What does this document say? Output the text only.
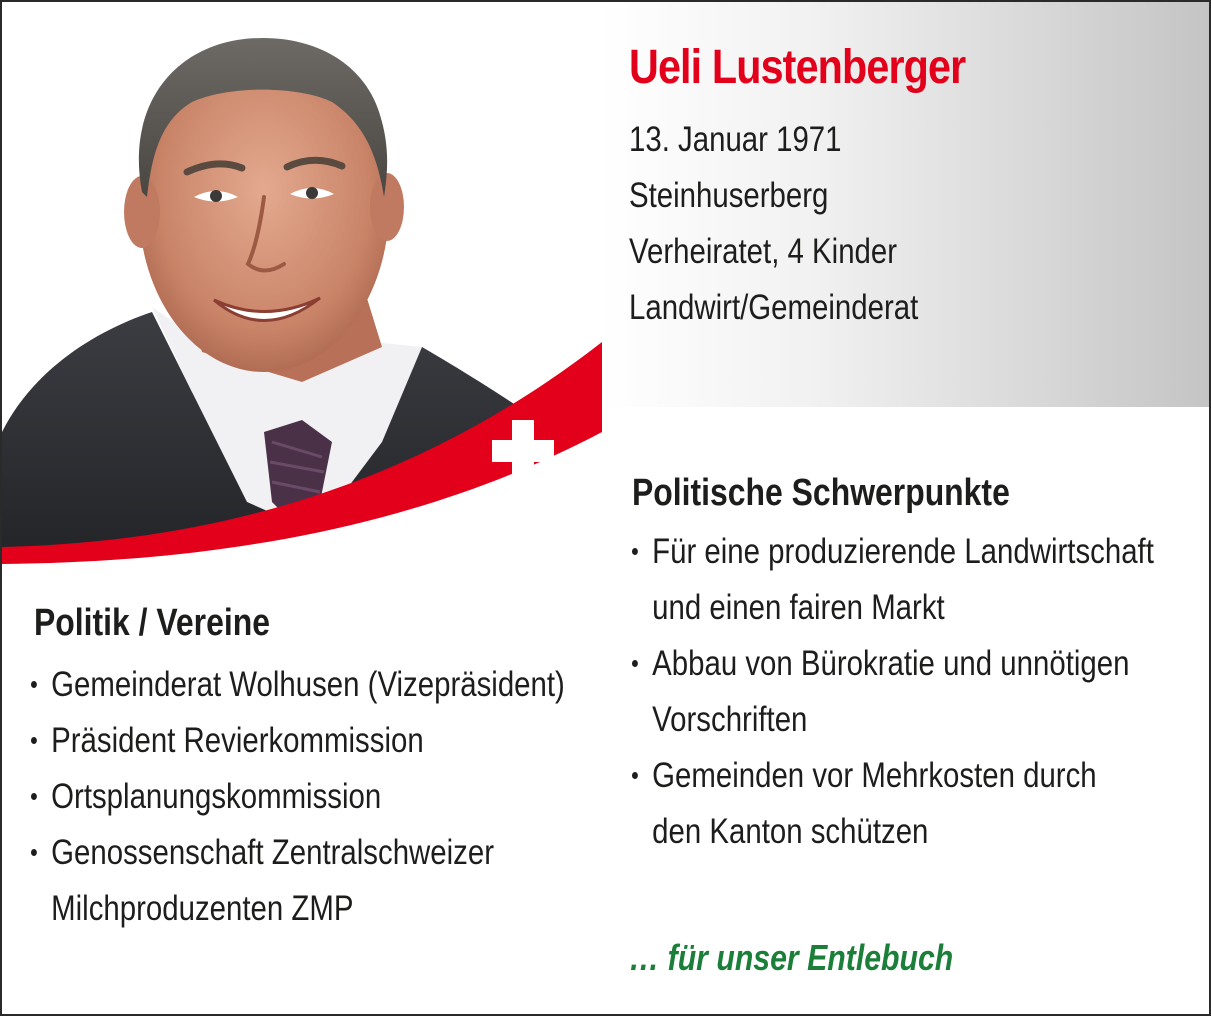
Ueli Lustenberger
13. Januar 1971
Steinhuserberg
Verheiratet, 4 Kinder
Landwirt/Gemeinderat
Politische Schwerpunkte
Für eine produzierende Landwirtschaft
und einen fairen Markt
Abbau von Bürokratie und unnötigen
Vorschriften
Gemeinden vor Mehrkosten durch
den Kanton schützen
Politik / Vereine
Gemeinderat Wolhusen (Vizepräsident)
Präsident Revierkommission
Ortsplanungskommission
Genossenschaft Zentralschweizer
Milchproduzenten ZMP
… für unser Entlebuch
